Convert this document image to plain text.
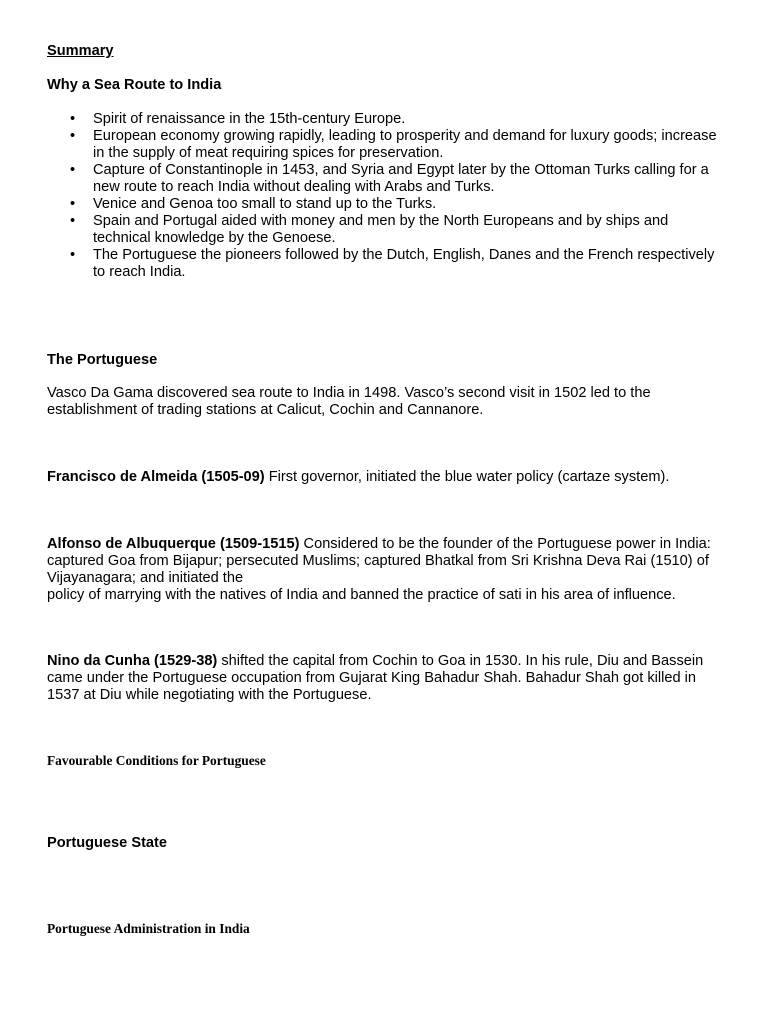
Summary
Why a Sea Route to India
• Spirit of renaissance in the 15th-century Europe.
• European economy growing rapidly, leading to prosperity and demand for luxury goods; increase in the supply of meat requiring spices for preservation.
• Capture of Constantinople in 1453, and Syria and Egypt later by the Ottoman Turks calling for a new route to reach India without dealing with Arabs and Turks.
• Venice and Genoa too small to stand up to the Turks.
• Spain and Portugal aided with money and men by the North Europeans and by ships and technical knowledge by the Genoese.
• The Portuguese the pioneers followed by the Dutch, English, Danes and the French respectively to reach India.
The Portuguese

Vasco Da Gama discovered sea route to India in 1498. Vasco’s second visit in 1502 led to the establishment of trading stations at Calicut, Cochin and Cannanore.

Francisco de Almeida (1505-09) First governor, initiated the blue water policy (cartaze system).

Alfonso de Albuquerque (1509-1515) Considered to be the founder of the Portuguese power in India: captured Goa from Bijapur; persecuted Muslims; captured Bhatkal from Sri Krishna Deva Rai (1510) of Vijayanagara; and initiated the

policy of marrying with the natives of India and banned the practice of sati in his area of influence.

Nino da Cunha (1529-38) shifted the capital from Cochin to Goa in 1530. In his rule, Diu and Bassein came under the Portuguese occupation from Gujarat King Bahadur Shah. Bahadur Shah got killed in 1537 at Diu while negotiating with the Portuguese.

Favourable Conditions for Portuguese
Portuguese State
Portuguese Administration in India
